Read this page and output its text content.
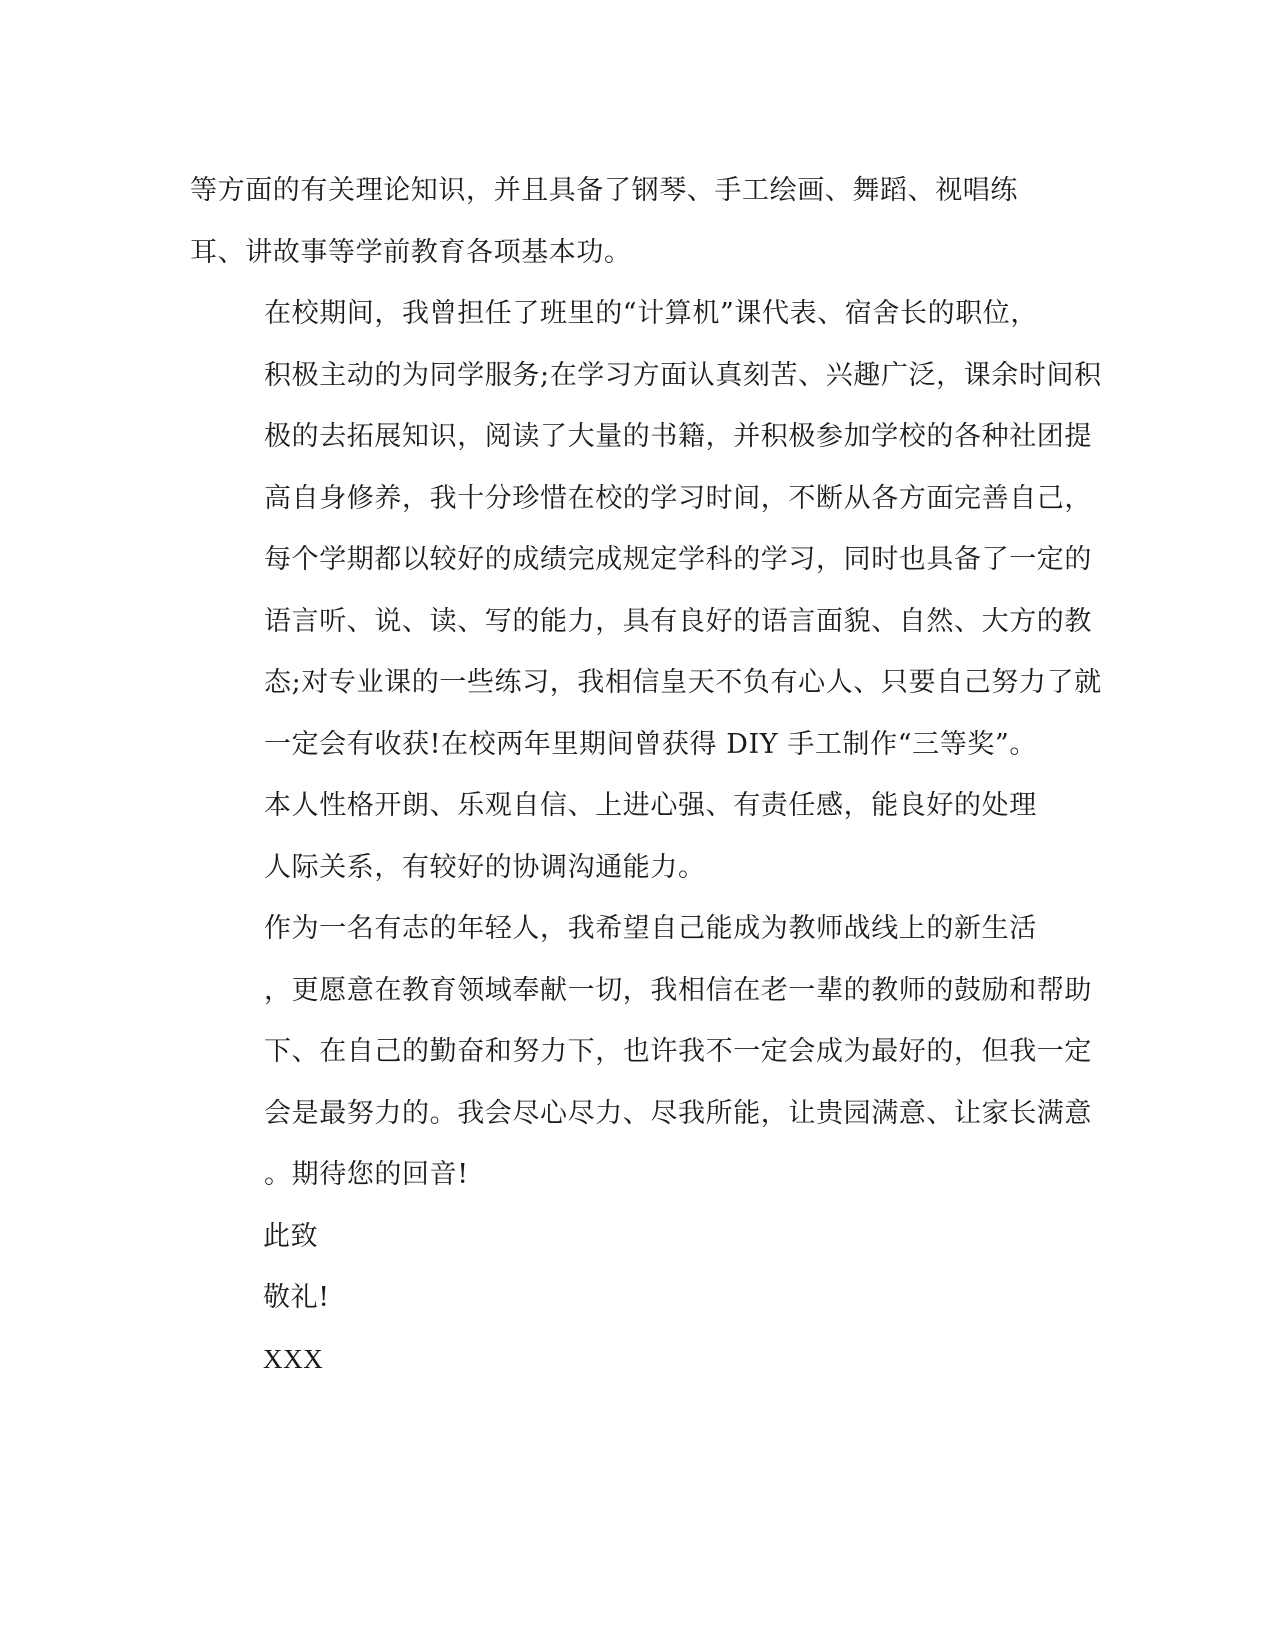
等方面的有关理论知识，并且具备了钢琴、手工绘画、舞蹈、视唱练
耳、讲故事等学前教育各项基本功。

在校期间，我曾担任了班里的“计算机”课代表、宿舍长的职位，
积极主动的为同学服务;在学习方面认真刻苦、兴趣广泛，课余时间积
极的去拓展知识，阅读了大量的书籍，并积极参加学校的各种社团提
高自身修养，我十分珍惜在校的学习时间，不断从各方面完善自己，
每个学期都以较好的成绩完成规定学科的学习，同时也具备了一定的
语言听、说、读、写的能力，具有良好的语言面貌、自然、大方的教
态;对专业课的一些练习，我相信皇天不负有心人、只要自己努力了就
一定会有收获!在校两年里期间曾获得 DIY 手工制作“三等奖”。

本人性格开朗、乐观自信、上进心强、有责任感，能良好的处理
人际关系，有较好的协调沟通能力。

作为一名有志的年轻人，我希望自己能成为教师战线上的新生活
，更愿意在教育领域奉献一切，我相信在老一辈的教师的鼓励和帮助
下、在自己的勤奋和努力下，也许我不一定会成为最好的，但我一定
会是最努力的。我会尽心尽力、尽我所能，让贵园满意、让家长满意
。期待您的回音!

此致

敬礼!

XXX
